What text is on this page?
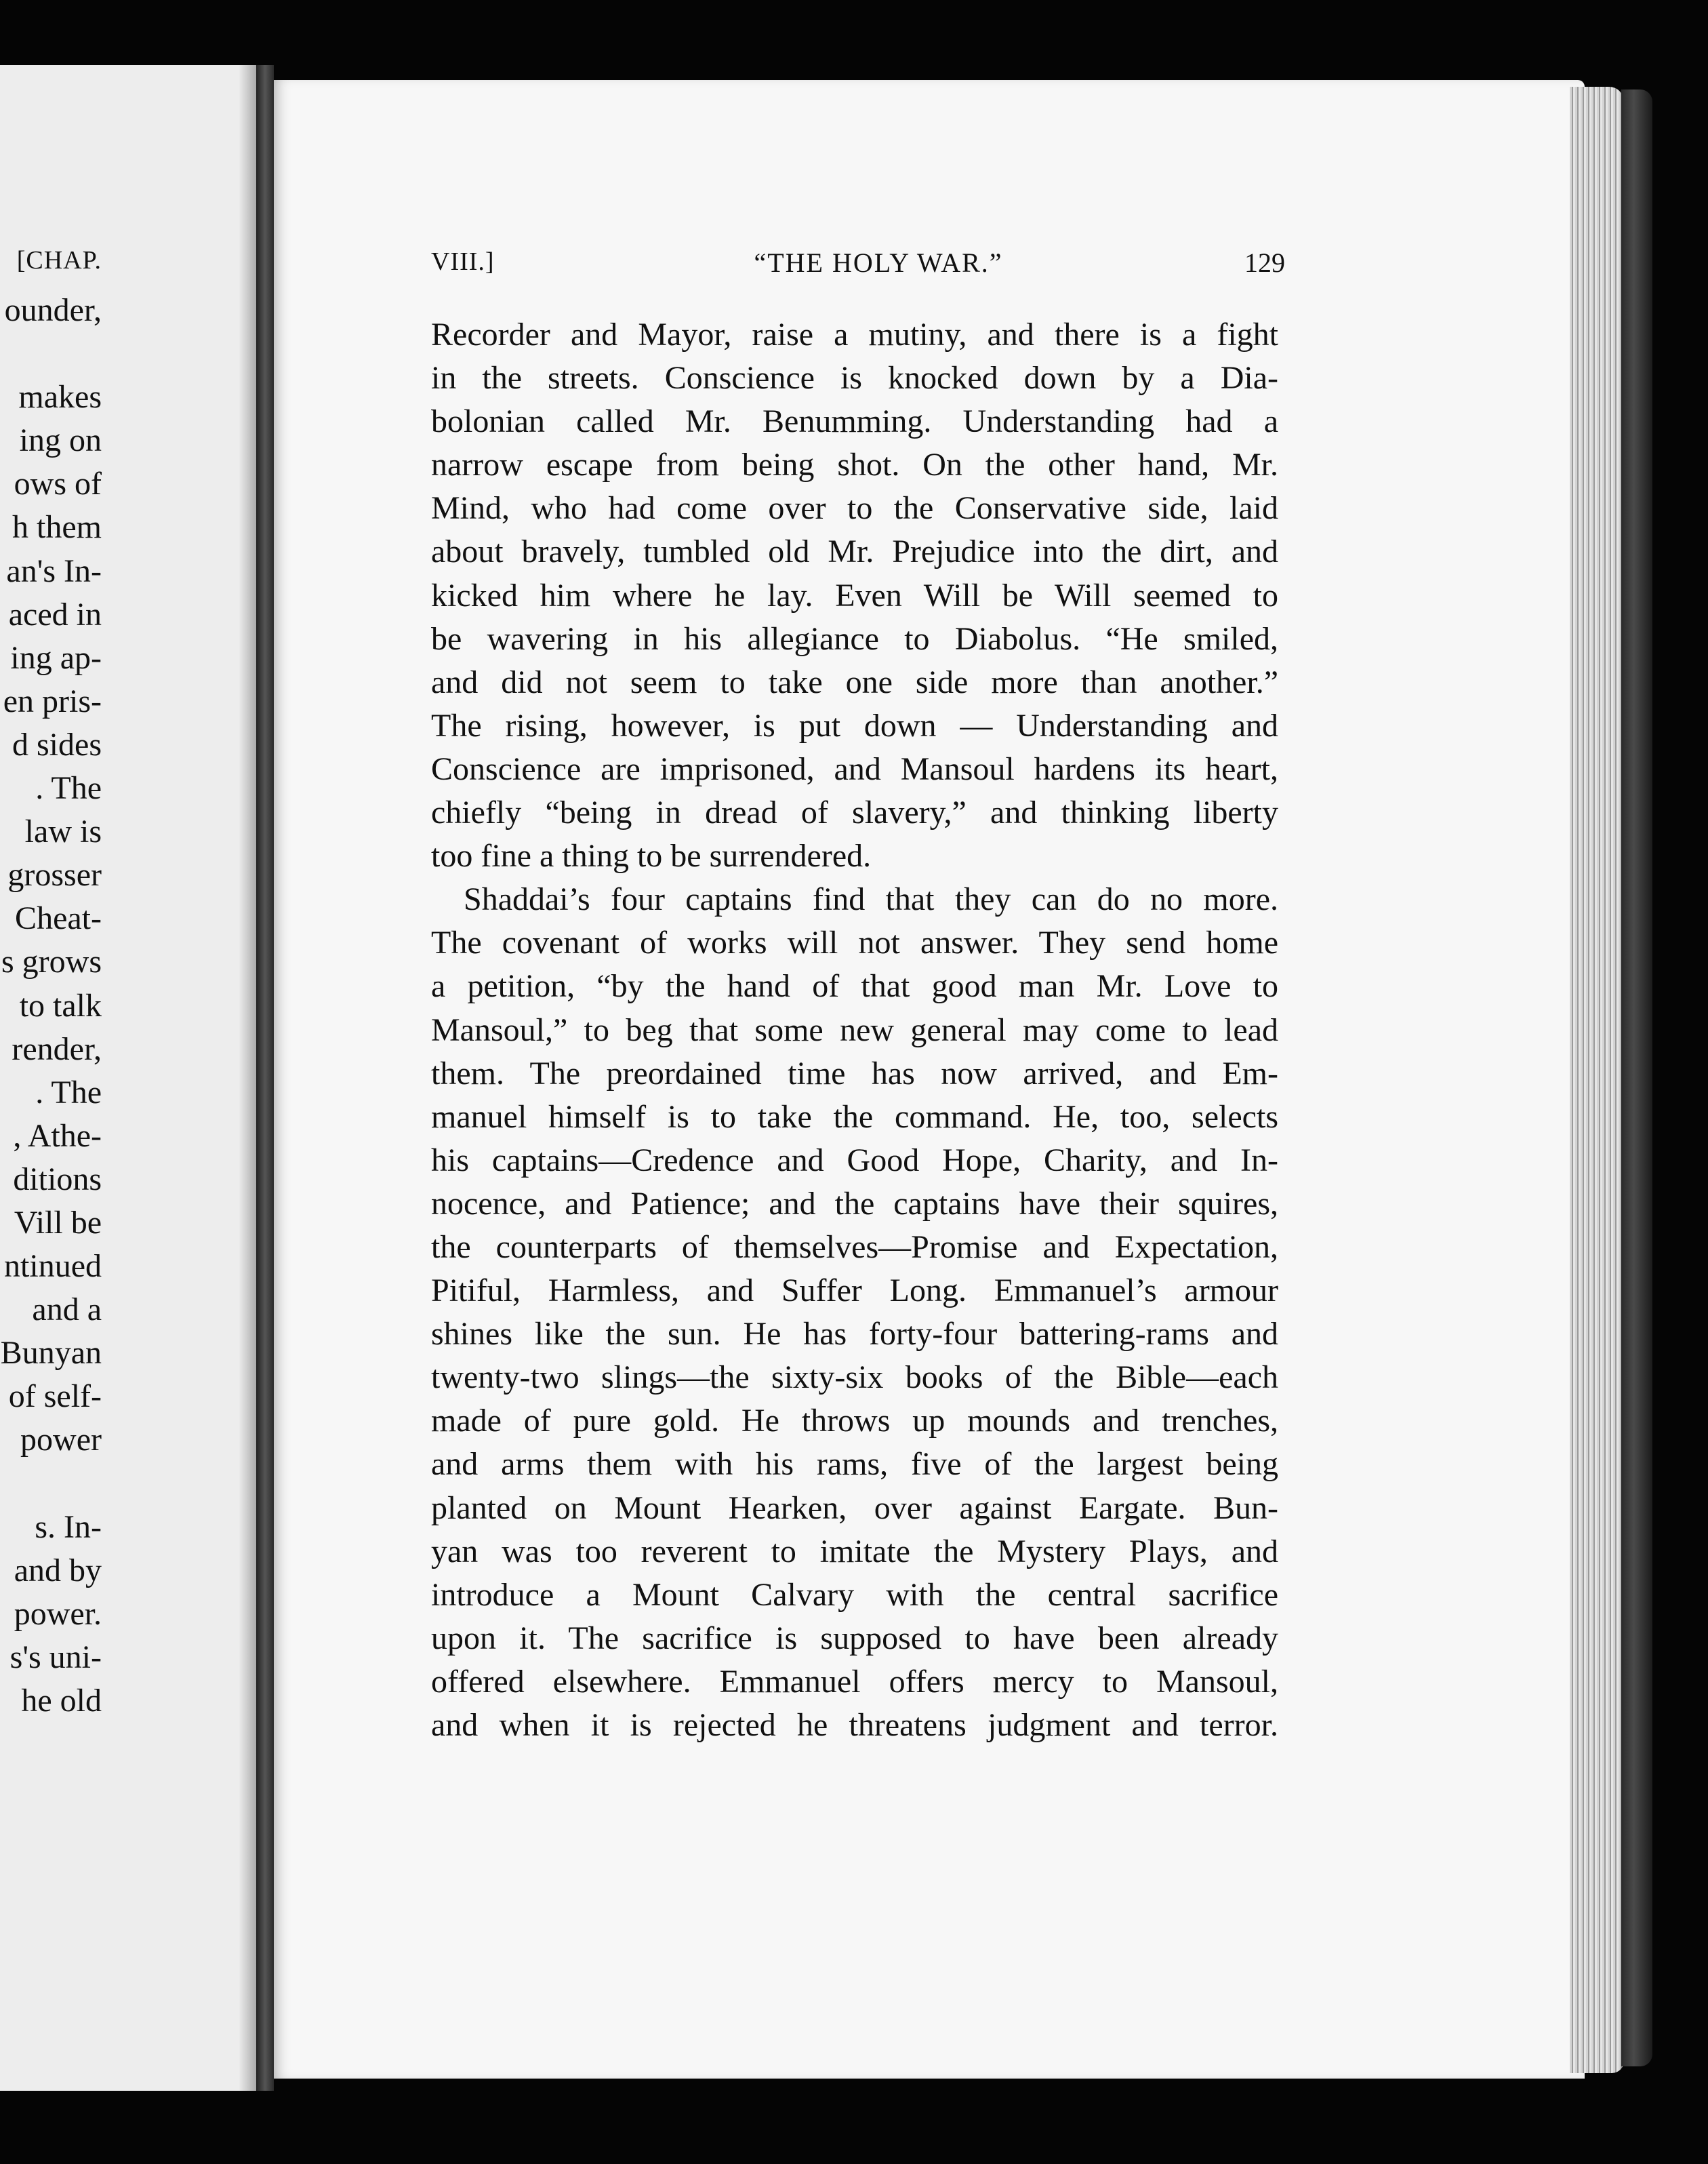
[CHAP.
ounder,
makes
ing on
ows of
h them
an's In-
aced in
ing ap-
en pris-
d sides
. The
law is
grosser
Cheat-
s grows
to talk
render,
. The
, Athe-
ditions
Vill be
ntinued
and a
Bunyan
of self-
power
s. In-
and by
power.
s's uni-
he old
VIII.]	“THE HOLY WAR.”	129
Recorder and Mayor, raise a mutiny, and there is a fight
in the streets. Conscience is knocked down by a Dia-
bolonian called Mr. Benumming. Understanding had a
narrow escape from being shot. On the other hand, Mr.
Mind, who had come over to the Conservative side, laid
about bravely, tumbled old Mr. Prejudice into the dirt, and
kicked him where he lay. Even Will be Will seemed to
be wavering in his allegiance to Diabolus. “He smiled,
and did not seem to take one side more than another.”
The rising, however, is put down — Understanding and
Conscience are imprisoned, and Mansoul hardens its heart,
chiefly “being in dread of slavery,” and thinking liberty
too fine a thing to be surrendered.
Shaddai’s four captains find that they can do no more.
The covenant of works will not answer. They send home
a petition, “by the hand of that good man Mr. Love to
Mansoul,” to beg that some new general may come to lead
them. The preordained time has now arrived, and Em-
manuel himself is to take the command. He, too, selects
his captains—Credence and Good Hope, Charity, and In-
nocence, and Patience; and the captains have their squires,
the counterparts of themselves—Promise and Expectation,
Pitiful, Harmless, and Suffer Long. Emmanuel’s armour
shines like the sun. He has forty-four battering-rams and
twenty-two slings—the sixty-six books of the Bible—each
made of pure gold. He throws up mounds and trenches,
and arms them with his rams, five of the largest being
planted on Mount Hearken, over against Eargate. Bun-
yan was too reverent to imitate the Mystery Plays, and
introduce a Mount Calvary with the central sacrifice
upon it. The sacrifice is supposed to have been already
offered elsewhere. Emmanuel offers mercy to Mansoul,
and when it is rejected he threatens judgment and terror.
